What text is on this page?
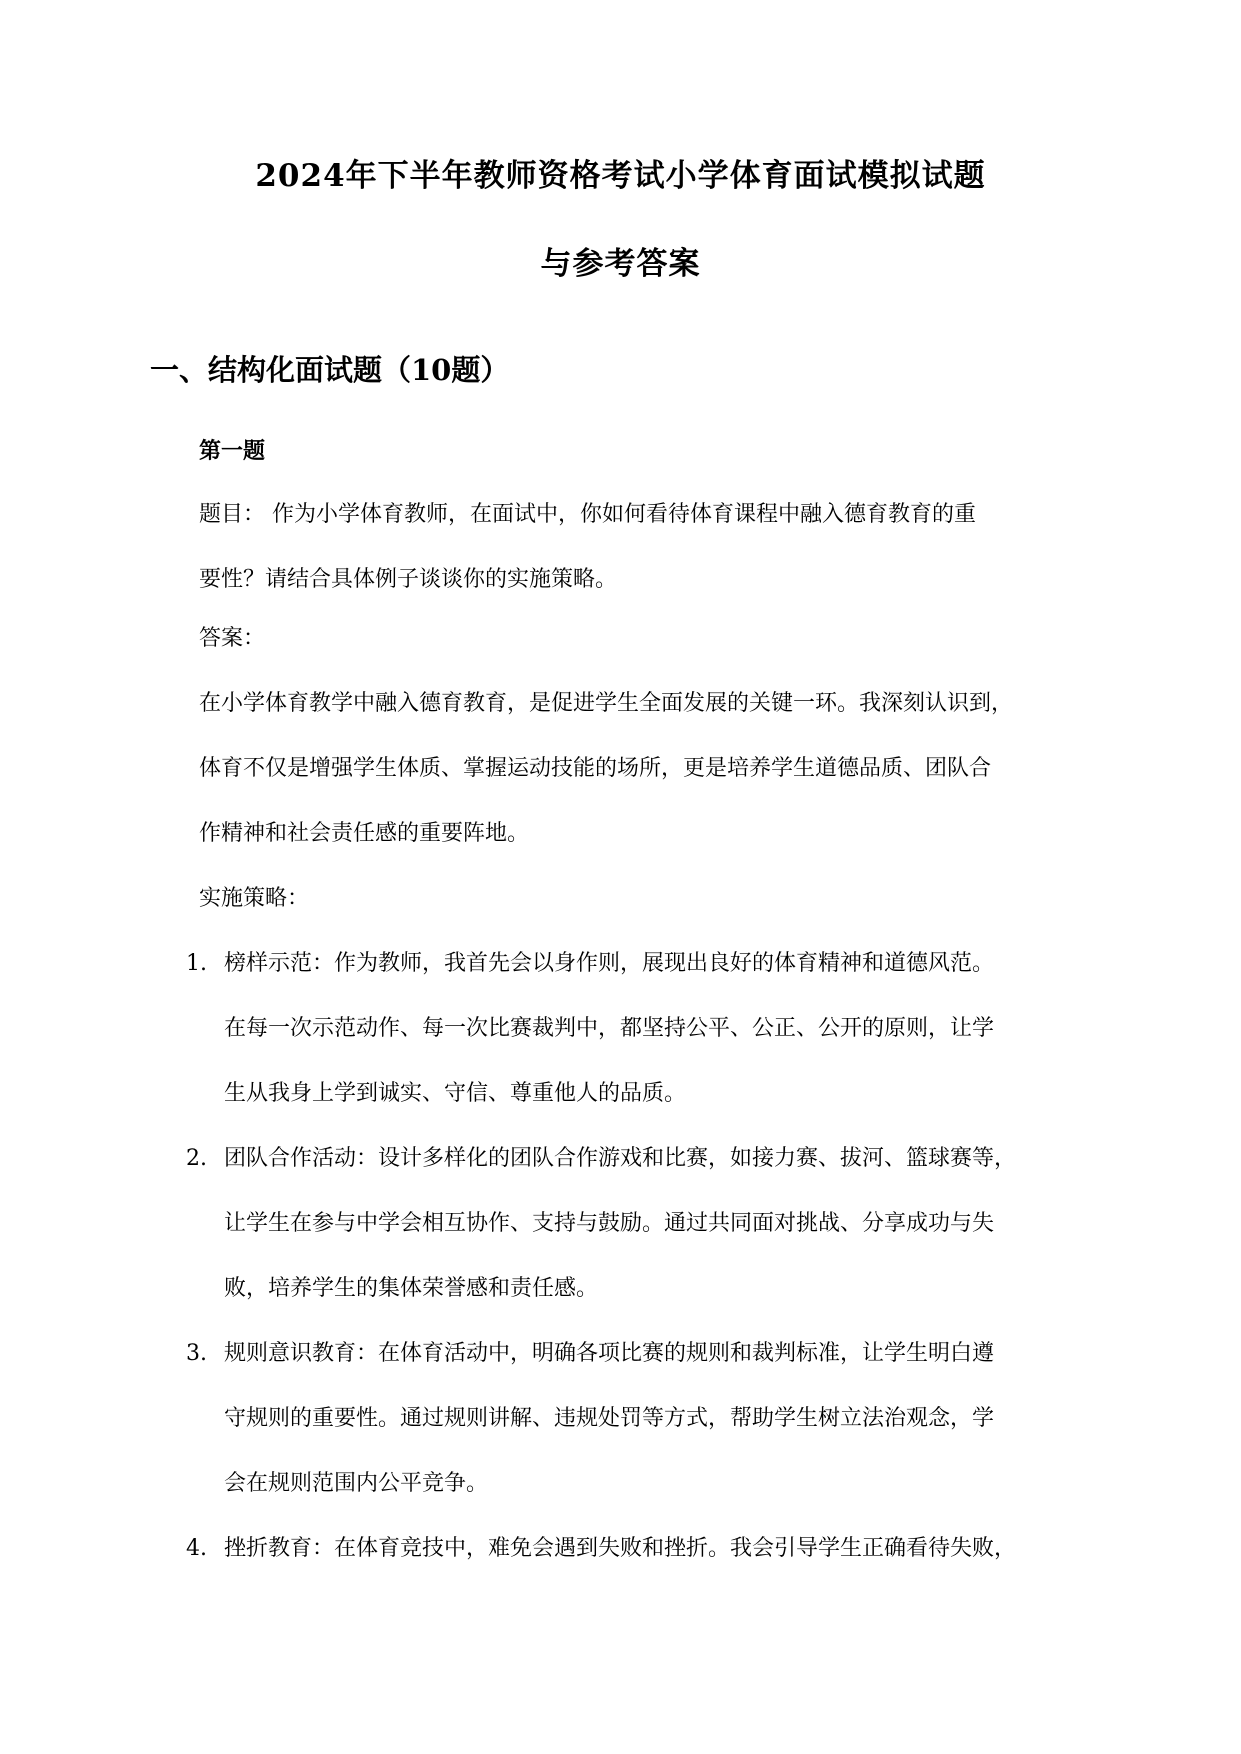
2024年下半年教师资格考试小学体育面试模拟试题
与参考答案
一、结构化面试题（10题）
第一题

题目： 作为小学体育教师，在面试中，你如何看待体育课程中融入德育教育的重

要性？请结合具体例子谈谈你的实施策略。

答案：

在小学体育教学中融入德育教育，是促进学生全面发展的关键一环。我深刻认识到，

体育不仅是增强学生体质、掌握运动技能的场所，更是培养学生道德品质、团队合

作精神和社会责任感的重要阵地。

实施策略：

1. 榜样示范：作为教师，我首先会以身作则，展现出良好的体育精神和道德风范。
在每一次示范动作、每一次比赛裁判中，都坚持公平、公正、公开的原则，让学
生从我身上学到诚实、守信、尊重他人的品质。
2. 团队合作活动：设计多样化的团队合作游戏和比赛，如接力赛、拔河、篮球赛等，
让学生在参与中学会相互协作、支持与鼓励。通过共同面对挑战、分享成功与失
败，培养学生的集体荣誉感和责任感。
3. 规则意识教育：在体育活动中，明确各项比赛的规则和裁判标准，让学生明白遵
守规则的重要性。通过规则讲解、违规处罚等方式，帮助学生树立法治观念，学
会在规则范围内公平竞争。
4. 挫折教育：在体育竞技中，难免会遇到失败和挫折。我会引导学生正确看待失败，
